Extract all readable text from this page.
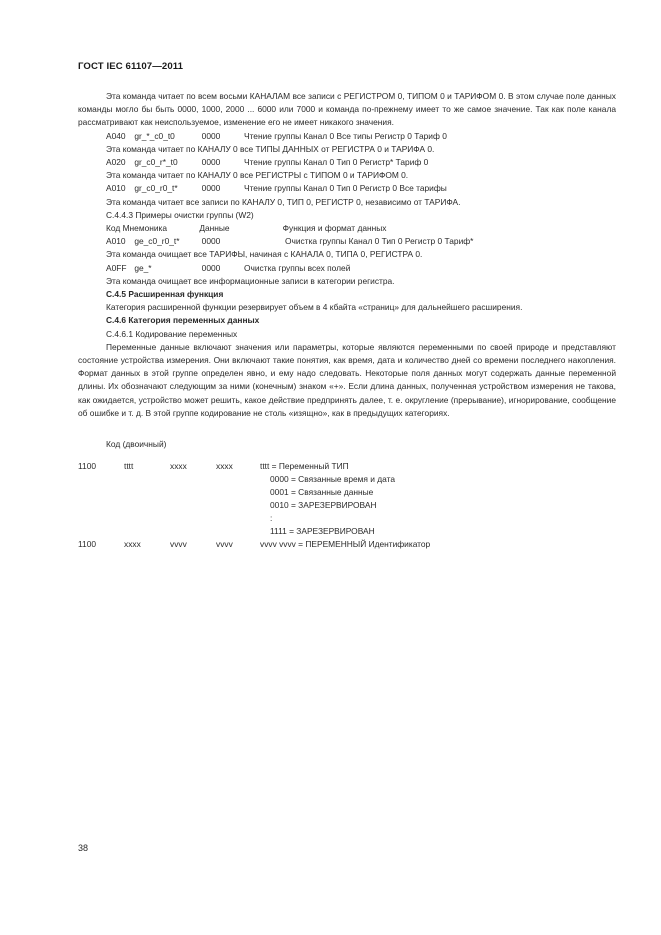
ГОСТ IEC 61107—2011

Эта команда читает по всем восьми КАНАЛАМ все записи с РЕГИСТРОМ 0, ТИПОМ 0 и ТАРИФОМ 0. В этом случае поле данных команды могло бы быть 0000, 1000, 2000 ... 6000 или 7000 и команда по-прежнему имеет то же самое значение. Так как поле канала рассматривают как неиспользуемое, изменение его не имеет никакого значения.

A040 gr_*_c0_t0	0000	Чтение группы Канал 0 Все типы Регистр 0 Тариф 0
Эта команда читает по КАНАЛУ 0 все ТИПЫ ДАННЫХ от РЕГИСТРА 0 и ТАРИФА 0.
A020 gr_c0_r*_t0	0000	Чтение группы Канал 0 Тип 0 Регистр* Тариф 0
Эта команда читает по КАНАЛУ 0 все РЕГИСТРЫ с ТИПОМ 0 и ТАРИФОМ 0.
A010 gr_c0_r0_t*	0000	Чтение группы Канал 0 Тип 0 Регистр 0 Все тарифы
Эта команда читает все записи по КАНАЛУ 0, ТИП 0, РЕГИСТР 0, независимо от ТАРИФА.
С.4.4.3 Примеры очистки группы (W2)
Код Мнемоника	Данные	Функция и формат данных
A010 ge_c0_r0_t*	0000	Очистка группы Канал 0 Тип 0 Регистр 0 Тариф*
Эта команда очищает все ТАРИФЫ, начиная с КАНАЛА 0, ТИПА 0, РЕГИСТРА 0.
A0FF ge_*	0000	Очистка группы всех полей
Эта команда очищает все информационные записи в категории регистра.
С.4.5 Расширенная функция
Категория расширенной функции резервирует объем в 4 кбайта «страниц» для дальнейшего расширения.
С.4.6 Категория переменных данных
С.4.6.1 Кодирование переменных

Переменные данные включают значения или параметры, которые являются переменными по своей природе и представляют состояние устройства измерения. Они включают такие понятия, как время, дата и количество дней со времени последнего накопления. Формат данных в этой группе определен явно, и ему надо следовать. Некоторые поля данных могут содержать данные переменной длины. Их обозначают следующим за ними (конечным) знаком «+». Если длина данных, полученная устройством измерения не такова, как ожидается, устройство может решить, какое действие предпринять далее, т. е. округление (прерывание), игнорирование, сообщение об ошибке и т. д. В этой группе кодирование не столь «изящно», как в предыдущих категориях.

Код (двоичный)
1100	tttt	xxxx	xxxx	tttt = Переменный ТИП
0000 = Связанные время и дата
0001 = Связанные данные
0010 = ЗАРЕЗЕРВИРОВАН
:
1111 = ЗАРЕЗЕРВИРОВАН
1100	xxxx	vvvv	vvvv	vvvv vvvv = ПЕРЕМЕННЫЙ Идентификатор
38
